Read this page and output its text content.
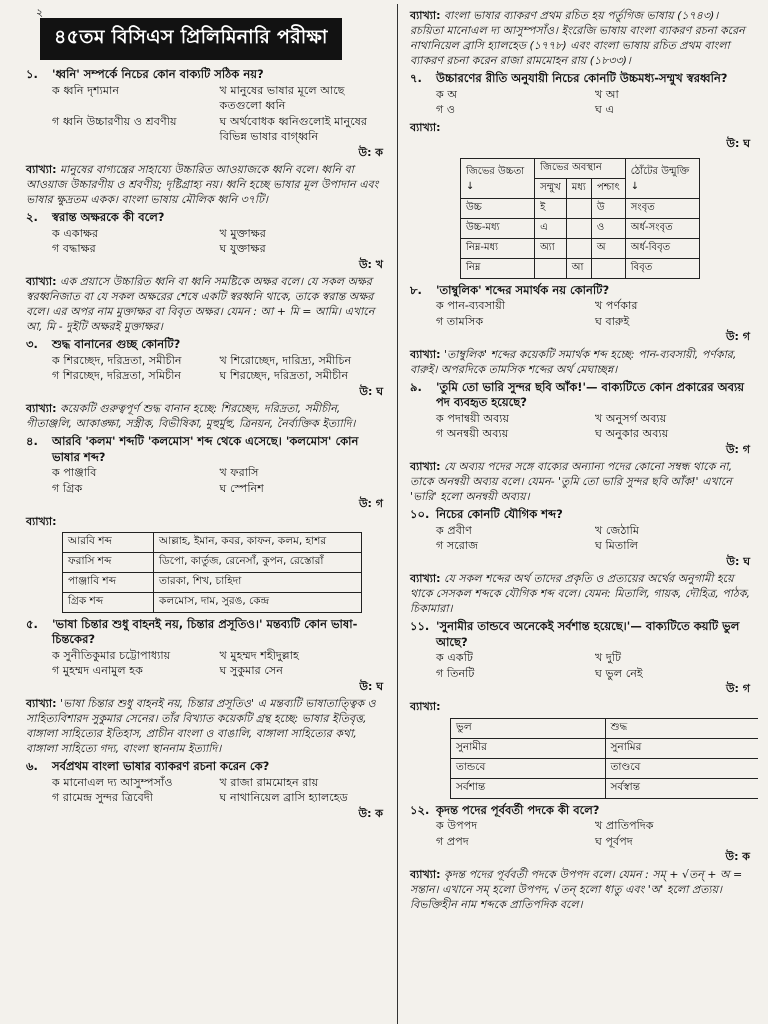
২
৪৫তম বিসিএস প্রিলিমিনারি পরীক্ষা
১.	'ধ্বনি' সম্পর্কে নিচের কোন বাক্যটি সঠিক নয়?
ক ধ্বনি দৃশ্যমান	খ মানুষের ভাষার মূলে আছে কতগুলো ধ্বনি
গ ধ্বনি উচ্চারণীয় ও শ্রবণীয়	ঘ অর্থবোধক ধ্বনিগুলোই মানুষের বিভিন্ন ভাষার বাগ্ধ্বনি
উ: ক
ব্যাখ্যা: মানুষের বাগ্যন্ত্রের সাহায্যে উচ্চারিত আওয়াজকে ধ্বনি বলে। ধ্বনি বা আওয়াজ উচ্চারণীয় ও শ্রবণীয়; দৃষ্টিগ্রাহ্য নয়। ধ্বনি হচ্ছে ভাষার মূল উপাদান এবং ভাষার ক্ষুদ্রতম একক। বাংলা ভাষায় মৌলিক ধ্বনি ৩৭টি।
২.	স্বরান্ত অক্ষরকে কী বলে?
ক একাক্ষর	খ মুক্তাক্ষর
গ বদ্ধাক্ষর	ঘ যুক্তাক্ষর
উ: খ
ব্যাখ্যা: এক প্রয়াসে উচ্চারিত ধ্বনি বা ধ্বনি সমষ্টিকে অক্ষর বলে। যে সকল অক্ষর স্বরধ্বনিজাত বা যে সকল অক্ষরের শেষে একটি স্বরধ্বনি থাকে, তাকে স্বরান্ত অক্ষর বলে। এর অপর নাম মুক্তাক্ষর বা বিবৃত অক্ষর। যেমন : আ + মি = আমি। এখানে আ, মি - দুইটি অক্ষরই মুক্তাক্ষর।
৩.	শুদ্ধ বানানের গুচ্ছ কোনটি?
ক শিরচ্ছেদ, দরিদ্রতা, সমীচীন	খ শিরোচ্ছেদ, দারিদ্র্য, সমীচিন
গ শিরচ্ছেদ, দরিদ্রতা, সমিচীন	ঘ শিরচ্ছেদ, দরিদ্রতা, সমীচীন
উ: ঘ
ব্যাখ্যা: কয়েকটি গুরুত্বপূর্ণ শুদ্ধ বানান হচ্ছে: শিরচ্ছেদ, দরিদ্রতা, সমীচীন, গীতাঞ্জলি, আকাঙ্ক্ষা, সস্ত্রীক, বিভীষিকা, মুহুর্মুহু, ত্রিনয়ন, নৈর্ব্যক্তিক ইত্যাদি।
৪.	আরবি 'কলম' শব্দটি 'কলমোস' শব্দ থেকে এসেছে। 'কলমোস' কোন ভাষার শব্দ?
ক পাঞ্জাবি	খ ফরাসি
গ গ্রিক	ঘ স্পেনিশ
উ: গ
ব্যাখ্যা:
আরবি শব্দ	আল্লাহ, ইমান, কবর, কাফন, কলম, হাশর
ফরাসি শব্দ	ডিপো, কার্তুজ, রেনেসাঁ, কুপন, রেস্তোরাঁ
পাঞ্জাবি শব্দ	তারকা, শিখ, চাহিদা
গ্রিক শব্দ	কলমোস, দাম, সুরঙ, কেন্দ্র
৫.	'ভাষা চিন্তার শুধু বাহনই নয়, চিন্তার প্রসূতিও।' মন্তব্যটি কোন ভাষা-চিন্তকের?
ক সুনীতিকুমার চট্টোপাধ্যায়	খ মুহম্মদ শহীদুল্লাহ
গ মুহম্মদ এনামুল হক	ঘ সুকুমার সেন
উ: ঘ
ব্যাখ্যা: 'ভাষা চিন্তার শুধু বাহনই নয়, চিন্তার প্রসূতিও' এ মন্তব্যটি ভাষাতাত্ত্বিক ও সাহিত্যবিশারদ সুকুমার সেনের। তাঁর বিখ্যাত কয়েকটি গ্রন্থ হচ্ছে: ভাষার ইতিবৃত্ত, বাঙ্গালা সাহিত্যের ইতিহাস, প্রাচীন বাংলা ও বাঙালি, বাঙ্গালা সাহিত্যের কথা, বাঙ্গালা সাহিত্যে গদ্য, বাংলা স্থাননাম ইত্যাদি।
৬.	সর্বপ্রথম বাংলা ভাষার ব্যাকরণ রচনা করেন কে?
ক মানোএল দ্য আসুম্পসাঁও	খ রাজা রামমোহন রায়
গ রামেন্দ্র সুন্দর ত্রিবেদী	ঘ নাথানিয়েল ব্রাসি হ্যালহেড
উ: ক
ব্যাখ্যা: বাংলা ভাষার ব্যাকরণ প্রথম রচিত হয় পর্তুগিজ ভাষায় (১৭৪৩)। রচয়িতা মানোএল দ্য আসুম্পসাঁও। ইংরেজি ভাষায় বাংলা ব্যাকরণ রচনা করেন নাথানিয়েল ব্রাসি হ্যালহেড (১৭৭৮) এবং বাংলা ভাষায় রচিত প্রথম বাংলা ব্যাকরণ রচনা করেন রাজা রামমোহন রায় (১৮৩৩)।
৭.	উচ্চারণের রীতি অনুযায়ী নিচের কোনটি উচ্চমধ্য-সম্মুখ স্বরধ্বনি?
ক অ	খ আ
গ ও	ঘ এ
ব্যাখ্যা:
উ: ঘ
জিভের উচ্চতা ↓	জিভের অবস্থান			ঠোঁটের উন্মুক্তি ↓
	সম্মুখ	মধ্য	পশ্চাৎ	
উচ্চ	ই		উ	সংবৃত
উচ্চ-মধ্য	এ		ও	অর্ধ-সংবৃত
নিম্ন-মধ্য	অ্যা		অ	অর্ধ-বিবৃত
নিম্ন		আ		বিবৃত
৮.	'তাম্বুলিক' শব্দের সমার্থক নয় কোনটি?
ক পান-ব্যবসায়ী	খ পর্ণকার
গ তামসিক	ঘ বারুই
উ: গ
ব্যাখ্যা: 'তাম্বুলিক' শব্দের কয়েকটি সমার্থক শব্দ হচ্ছে: পান-ব্যবসায়ী, পর্ণকার, বারুই। অপরদিকে তামসিক শব্দের অর্থ মেঘাচ্ছন্ন।
৯.	'তুমি তো ভারি সুন্দর ছবি আঁক!'— বাক্যটিতে কোন প্রকারের অব্যয় পদ ব্যবহৃত হয়েছে?
ক পদান্বয়ী অব্যয়	খ অনুসর্গ অব্যয়
গ অনন্বয়ী অব্যয়	ঘ অনুকার অব্যয়
উ: গ
ব্যাখ্যা: যে অব্যয় পদের সঙ্গে বাক্যের অন্যান্য পদের কোনো সম্বন্ধ থাকে না, তাকে অনন্বয়ী অব্যয় বলে। যেমন- 'তুমি তো ভারি সুন্দর ছবি আঁক!' এখানে 'ভারি' হলো অনন্বয়ী অব্যয়।
১০. নিচের কোনটি যৌগিক শব্দ?
ক প্রবীণ	খ জেঠামি
গ সরোজ	ঘ মিতালি
উ: ঘ
ব্যাখ্যা: যে সকল শব্দের অর্থ তাদের প্রকৃতি ও প্রত্যয়ের অর্থের অনুগামী হয়ে থাকে সেসকল শব্দকে যৌগিক শব্দ বলে। যেমন: মিতালি, গায়ক, দৌহিত্র, পাঠক, চিকামারা।
১১. 'সুনামীর তান্ডবে অনেকেই সর্বশান্ত হয়েছে।'— বাক্যটিতে কয়টি ভুল আছে?
ক একটি	খ দুটি
গ তিনটি	ঘ ভুল নেই
উ: গ
ব্যাখ্যা:
ভুল	শুদ্ধ
সুনামীর	সুনামির
তান্ডবে	তাণ্ডবে
সর্বশান্ত	সর্বস্বান্ত
১২. কৃদন্ত পদের পূর্ববর্তী পদকে কী বলে?
ক উপপদ	খ প্রাতিপদিক
গ প্রপদ	ঘ পূর্বপদ
উ: ক
ব্যাখ্যা: কৃদন্ত পদের পূর্ববর্তী পদকে উপপদ বলে। যেমন : সম্ + √তন্ + অ = সন্তান। এখানে সম্ হলো উপপদ, √তন্ হলো ধাতু এবং 'অ' হলো প্রত্যয়। বিভক্তিহীন নাম শব্দকে প্রাতিপদিক বলে।
